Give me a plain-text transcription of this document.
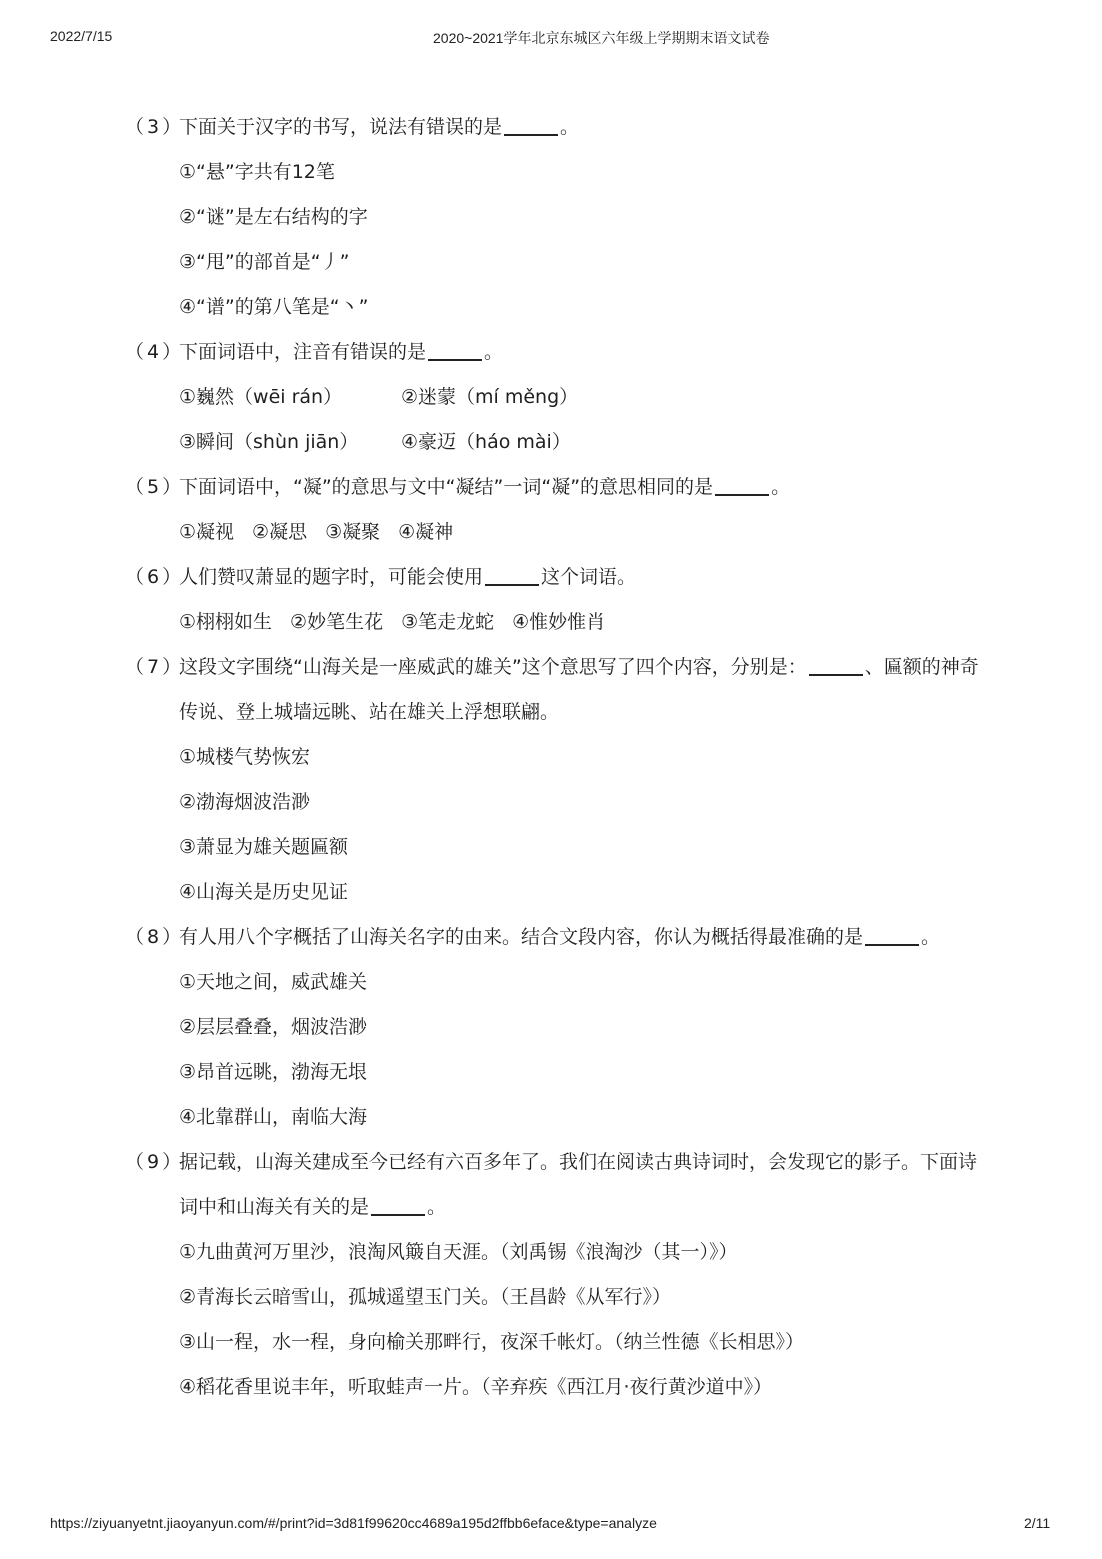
2022/7/15	2020~2021学年北京东城区六年级上学期期末语文试卷
（3）
下面关于汉字的书写，说法有错误的是	。
①“悬”字共有12笔
②“谜”是左右结构的字
③“甩”的部首是“丿”
④“谱”的第八笔是“丶”
（4）
下面词语中，注音有错误的是	。
①巍然（wēi rán）	②迷蒙（mí měng）
③瞬间（shùn jiān） ④豪迈（háo mài）
（5）
下面词语中，“凝”的意思与文中“凝结”一词“凝”的意思相同的是	。
①凝视 ②凝思 ③凝聚 ④凝神
（6）
人们赞叹萧显的题字时，可能会使用	这个词语。
①栩栩如生 ②妙笔生花 ③笔走龙蛇 ④惟妙惟肖
（7）
这段文字围绕“山海关是一座威武的雄关”这个意思写了四个内容，分别是：	、匾额的神奇
传说、登上城墙远眺、站在雄关上浮想联翩。
①城楼气势恢宏
②渤海烟波浩渺
③萧显为雄关题匾额
④山海关是历史见证
（8）
有人用八个字概括了山海关名字的由来。结合文段内容，你认为概括得最准确的是	。
①天地之间，威武雄关
②层层叠叠，烟波浩渺
③昂首远眺，渤海无垠
④北靠群山，南临大海
（9）
据记载，山海关建成至今已经有六百多年了。我们在阅读古典诗词时，会发现它的影子。下面诗
词中和山海关有关的是	。
①九曲黄河万里沙，浪淘风簸自天涯。（刘禹锡《浪淘沙（其一）》）
②青海长云暗雪山，孤城遥望玉门关。（王昌龄《从军行》）
③山一程，水一程，身向榆关那畔行，夜深千帐灯。（纳兰性德《长相思》）
④稻花香里说丰年，听取蛙声一片。（辛弃疾《西江月·夜行黄沙道中》）
https://ziyuanyetnt.jiaoyanyun.com/#/print?id=3d81f99620cc4689a195d2ffbb6eface&type=analyze	2/11
